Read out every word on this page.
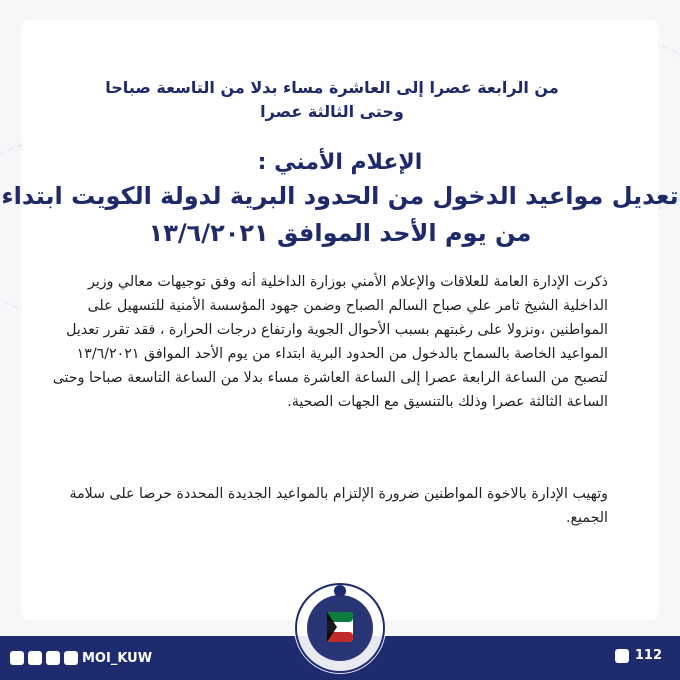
من الرابعة عصرا إلى العاشرة مساء بدلا من التاسعة صباحا
وحتى الثالثة عصرا
الإعلام الأمني :
تعديل مواعيد الدخول من الحدود البرية لدولة الكويت ابتداء
من يوم الأحد الموافق ١٣/٦/٢٠٢١
ذكرت الإدارة العامة للعلاقات والإعلام الأمني بوزارة الداخلية أنه وفق توجيهات معالي وزير الداخلية الشيخ ثامر علي صباح السالم الصباح وضمن جهود المؤسسة الأمنية للتسهيل على المواطنين ،ونزولا على رغبتهم بسبب الأحوال الجوية وارتفاع درجات الحرارة ، فقد تقرر تعديل المواعيد الخاصة بالسماح بالدخول من الحدود البرية ابتداء من يوم الأحد الموافق ١٣/٦/٢٠٢١ لتصبح من الساعة الرابعة عصرا إلى الساعة العاشرة مساء بدلا من الساعة التاسعة صباحا وحتى الساعة الثالثة عصرا وذلك بالتنسيق مع الجهات الصحية.
وتهيب الإدارة بالاخوة المواطنين ضرورة الإلتزام بالمواعيد الجديدة المحددة حرصا على سلامة الجميع.
MOI_KUW	112
